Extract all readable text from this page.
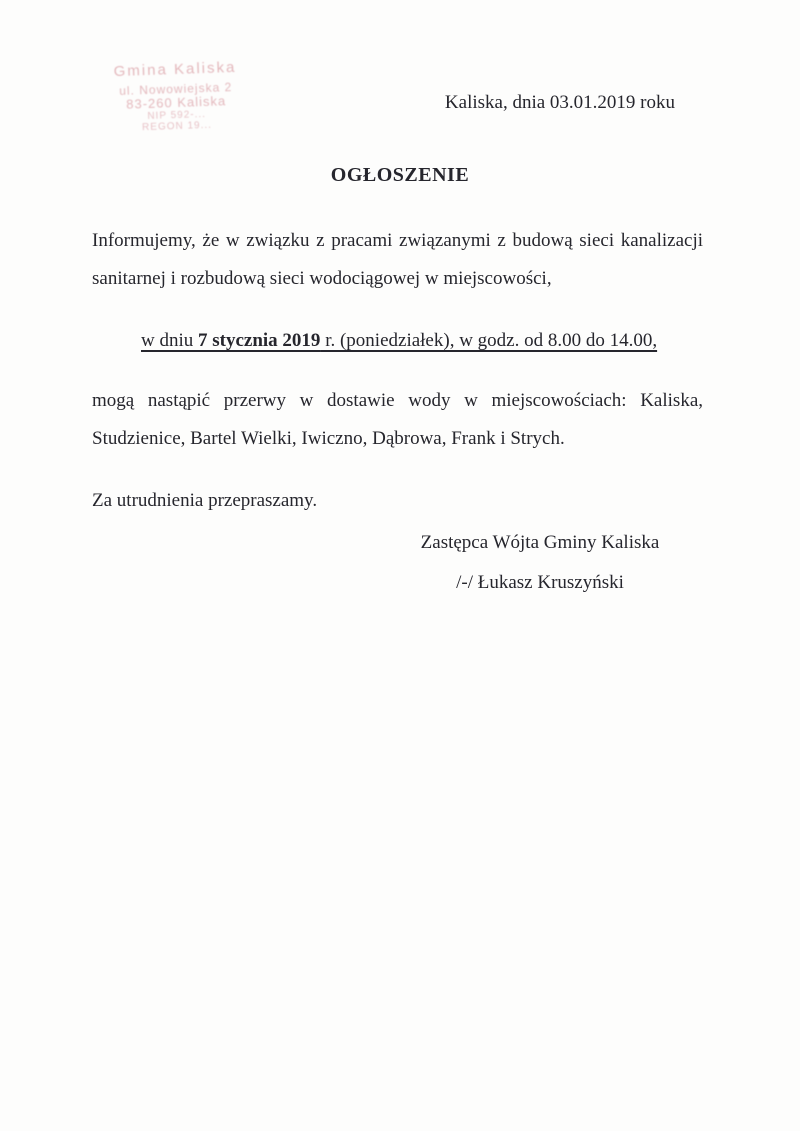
Gmina Kaliska
ul. Nowowiejska 2
83-260 Kaliska
NIP 592-...
REGON 19...
Kaliska, dnia 03.01.2019 roku
OGŁOSZENIE
Informujemy, że w związku z pracami związanymi z budową sieci kanalizacji
sanitarnej i rozbudową sieci wodociągowej w miejscowości,
w dniu 7 stycznia 2019 r. (poniedziałek), w godz. od 8.00 do 14.00,
mogą nastąpić przerwy w dostawie wody w miejscowościach: Kaliska,
Studzienice, Bartel Wielki, Iwiczno, Dąbrowa, Frank i Strych.
Za utrudnienia przepraszamy.
Zastępca Wójta Gminy Kaliska
/-/ Łukasz Kruszyński
